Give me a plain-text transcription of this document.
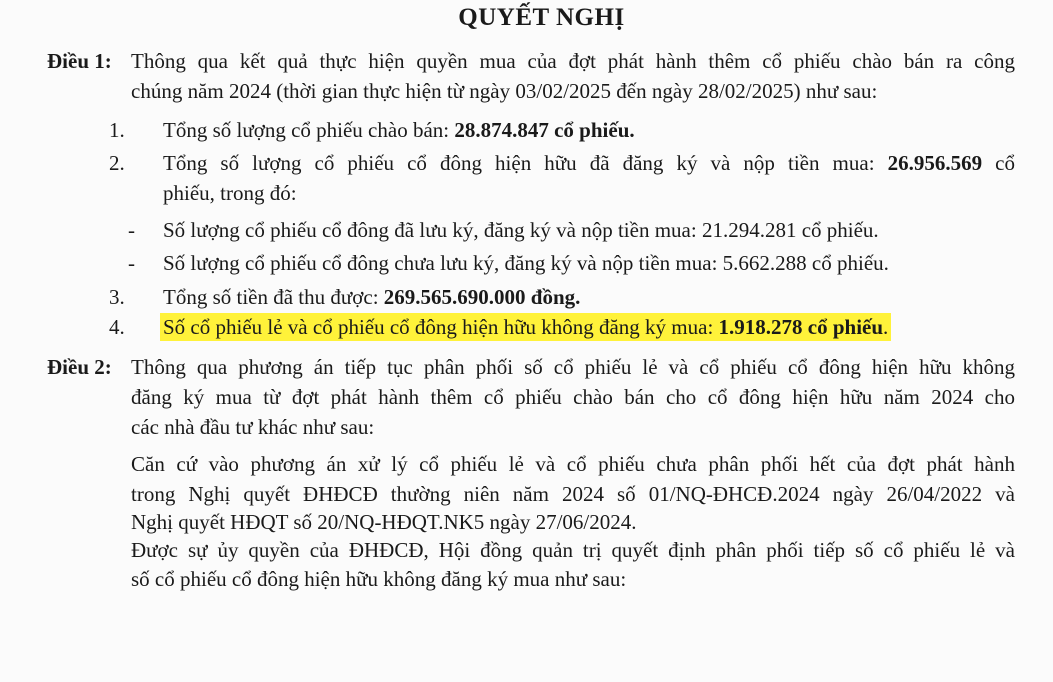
QUYẾT NGHỊ
Điều 1: Thông qua kết quả thực hiện quyền mua của đợt phát hành thêm cổ phiếu chào bán ra công
chúng năm 2024 (thời gian thực hiện từ ngày 03/02/2025 đến ngày 28/02/2025) như sau:
1. Tổng số lượng cổ phiếu chào bán: 28.874.847 cổ phiếu.
2. Tổng số lượng cổ phiếu cổ đông hiện hữu đã đăng ký và nộp tiền mua: 26.956.569 cổ
phiếu, trong đó:
- Số lượng cổ phiếu cổ đông đã lưu ký, đăng ký và nộp tiền mua: 21.294.281 cổ phiếu.
- Số lượng cổ phiếu cổ đông chưa lưu ký, đăng ký và nộp tiền mua: 5.662.288 cổ phiếu.
3. Tổng số tiền đã thu được: 269.565.690.000 đồng.
4. Số cổ phiếu lẻ và cổ phiếu cổ đông hiện hữu không đăng ký mua: 1.918.278 cổ phiếu.
Điều 2: Thông qua phương án tiếp tục phân phối số cổ phiếu lẻ và cổ phiếu cổ đông hiện hữu không
đăng ký mua từ đợt phát hành thêm cổ phiếu chào bán cho cổ đông hiện hữu năm 2024 cho
các nhà đầu tư khác như sau:
Căn cứ vào phương án xử lý cổ phiếu lẻ và cổ phiếu chưa phân phối hết của đợt phát hành
trong Nghị quyết ĐHĐCĐ thường niên năm 2024 số 01/NQ-ĐHCĐ.2024 ngày 26/04/2022 và
Nghị quyết HĐQT số 20/NQ-HĐQT.NK5 ngày 27/06/2024.
Được sự ủy quyền của ĐHĐCĐ, Hội đồng quản trị quyết định phân phối tiếp số cổ phiếu lẻ và
số cổ phiếu cổ đông hiện hữu không đăng ký mua như sau:
